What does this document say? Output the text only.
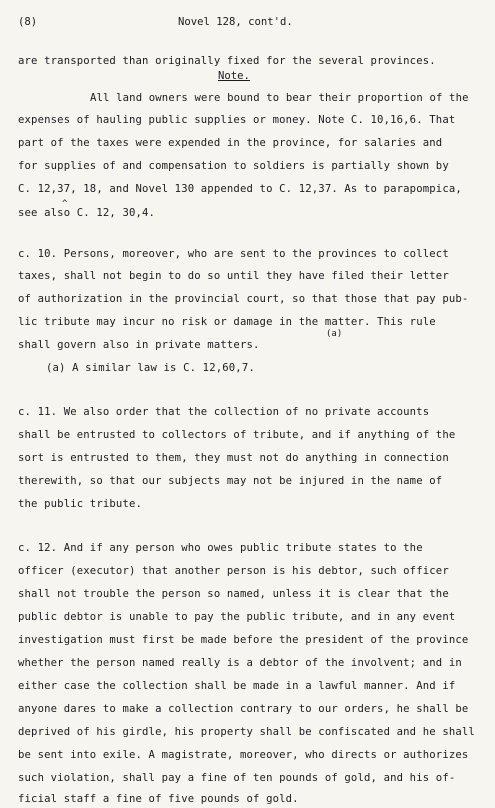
(8)	Novel 128, cont'd.
are transported than originally fixed for the several provinces.
Note.
All land owners were bound to bear their proportion of the
expenses of hauling public supplies or money. Note C. 10,16,6. That
part of the taxes were expended in the province, for salaries and
for supplies of and compensation to soldiers is partially shown by
C. 12,37, 18, and Novel 130 appended to C. 12,37. As to parapompica,
^
see also C. 12, 30,4.
c. 10. Persons, moreover, who are sent to the provinces to collect
taxes, shall not begin to do so until they have filed their letter
of authorization in the provincial court, so that those that pay pub-
lic tribute may incur no risk or damage in the matter. This rule
(a)
shall govern also in private matters.
(a) A similar law is C. 12,60,7.
c. 11. We also order that the collection of no private accounts
shall be entrusted to collectors of tribute, and if anything of the
sort is entrusted to them, they must not do anything in connection
therewith, so that our subjects may not be injured in the name of
the public tribute.
c. 12. And if any person who owes public tribute states to the
officer (executor) that another person is his debtor, such officer
shall not trouble the person so named, unless it is clear that the
public debtor is unable to pay the public tribute, and in any event
investigation must first be made before the president of the province
whether the person named really is a debtor of the involvent; and in
either case the collection shall be made in a lawful manner. And if
anyone dares to make a collection contrary to our orders, he shall be
deprived of his girdle, his property shall be confiscated and he shall
be sent into exile. A magistrate, moreover, who directs or authorizes
such violation, shall pay a fine of ten pounds of gold, and his of-
ficial staff a fine of five pounds of gold.
